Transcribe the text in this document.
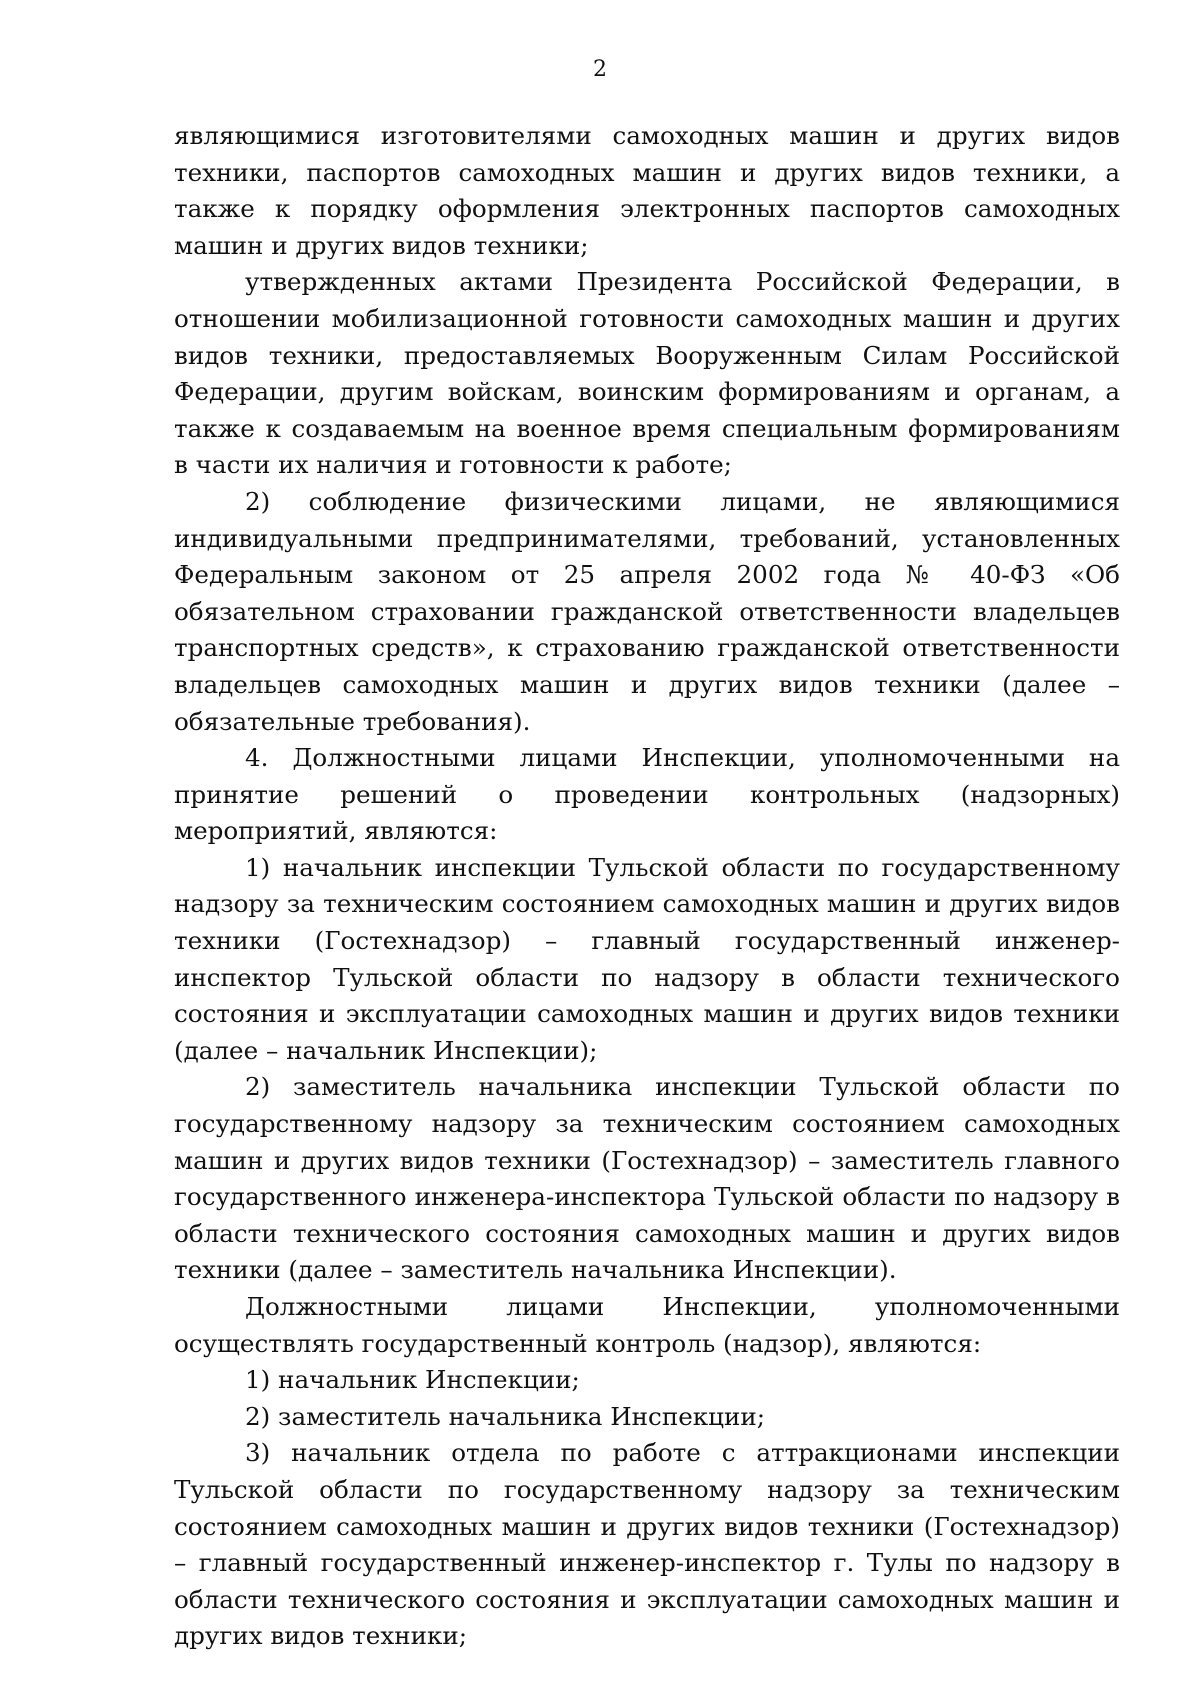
2

являющимися изготовителями самоходных машин и других видов техники, паспортов самоходных машин и других видов техники, а также к порядку оформления электронных паспортов самоходных машин и других видов техники;

утвержденных актами Президента Российской Федерации, в отношении мобилизационной готовности самоходных машин и других видов техники, предоставляемых Вооруженным Силам Российской Федерации, другим войскам, воинским формированиям и органам, а также к создаваемым на военное время специальным формированиям в части их наличия и готовности к работе;

2) соблюдение физическими лицами, не являющимися индивидуальными предпринимателями, требований, установленных Федеральным законом от 25 апреля 2002 года № 40-ФЗ «Об обязательном страховании гражданской ответственности владельцев транспортных средств», к страхованию гражданской ответственности владельцев самоходных машин и других видов техники (далее – обязательные требования).

4. Должностными лицами Инспекции, уполномоченными на принятие решений о проведении контрольных (надзорных) мероприятий, являются:

1) начальник инспекции Тульской области по государственному надзору за техническим состоянием самоходных машин и других видов техники (Гостехнадзор) – главный государственный инженер-инспектор Тульской области по надзору в области технического состояния и эксплуатации самоходных машин и других видов техники (далее – начальник Инспекции);

2) заместитель начальника инспекции Тульской области по государственному надзору за техническим состоянием самоходных машин и других видов техники (Гостехнадзор) – заместитель главного государственного инженера-инспектора Тульской области по надзору в области технического состояния самоходных машин и других видов техники (далее – заместитель начальника Инспекции).

Должностными лицами Инспекции, уполномоченными осуществлять государственный контроль (надзор), являются:

1) начальник Инспекции;

2) заместитель начальника Инспекции;

3) начальник отдела по работе с аттракционами инспекции Тульской области по государственному надзору за техническим состоянием самоходных машин и других видов техники (Гостехнадзор) – главный государственный инженер-инспектор г. Тулы по надзору в области технического состояния и эксплуатации самоходных машин и других видов техники;
